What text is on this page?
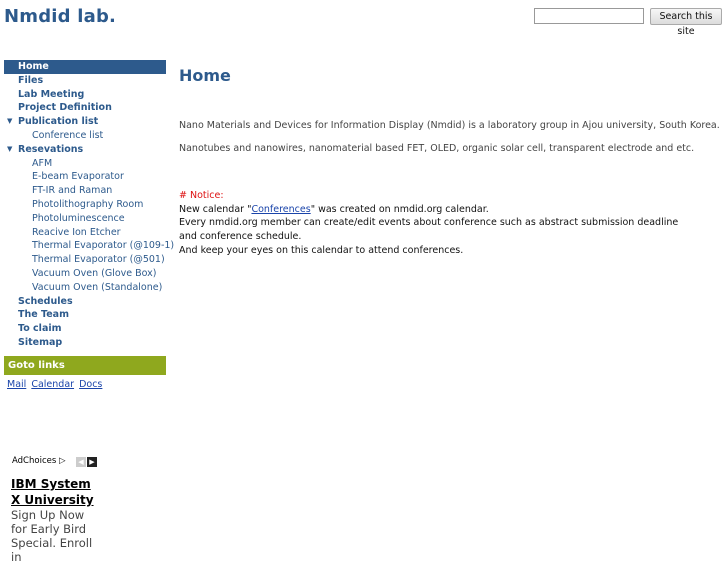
Nmdid lab.	Search this site
Home
Files
Lab Meeting
Project Definition
▼ Publication list
Conference list
▼ Resevations
AFM
E-beam Evaporator
FT-IR and Raman
Photolithography Room
Photoluminescence
Reacive Ion Etcher
Thermal Evaporator (@109-1)
Thermal Evaporator (@501)
Vacuum Oven (Glove Box)
Vacuum Oven (Standalone)
Schedules
The Team
To claim
Sitemap
Goto links
Mail Calendar Docs
AdChoices ▷	◀ ▶
IBM System X University
Sign Up Now for Early Bird Special. Enroll in
Home
Nano Materials and Devices for Information Display (Nmdid) is a laboratory group in Ajou university, South Korea.
Nanotubes and nanowires, nanomaterial based FET, OLED, organic solar cell, transparent electrode and etc.
# Notice:
New calendar "Conferences" was created on nmdid.org calendar.
Every nmdid.org member can create/edit events about conference such as abstract submission deadline and conference schedule.
And keep your eyes on this calendar to attend conferences.
